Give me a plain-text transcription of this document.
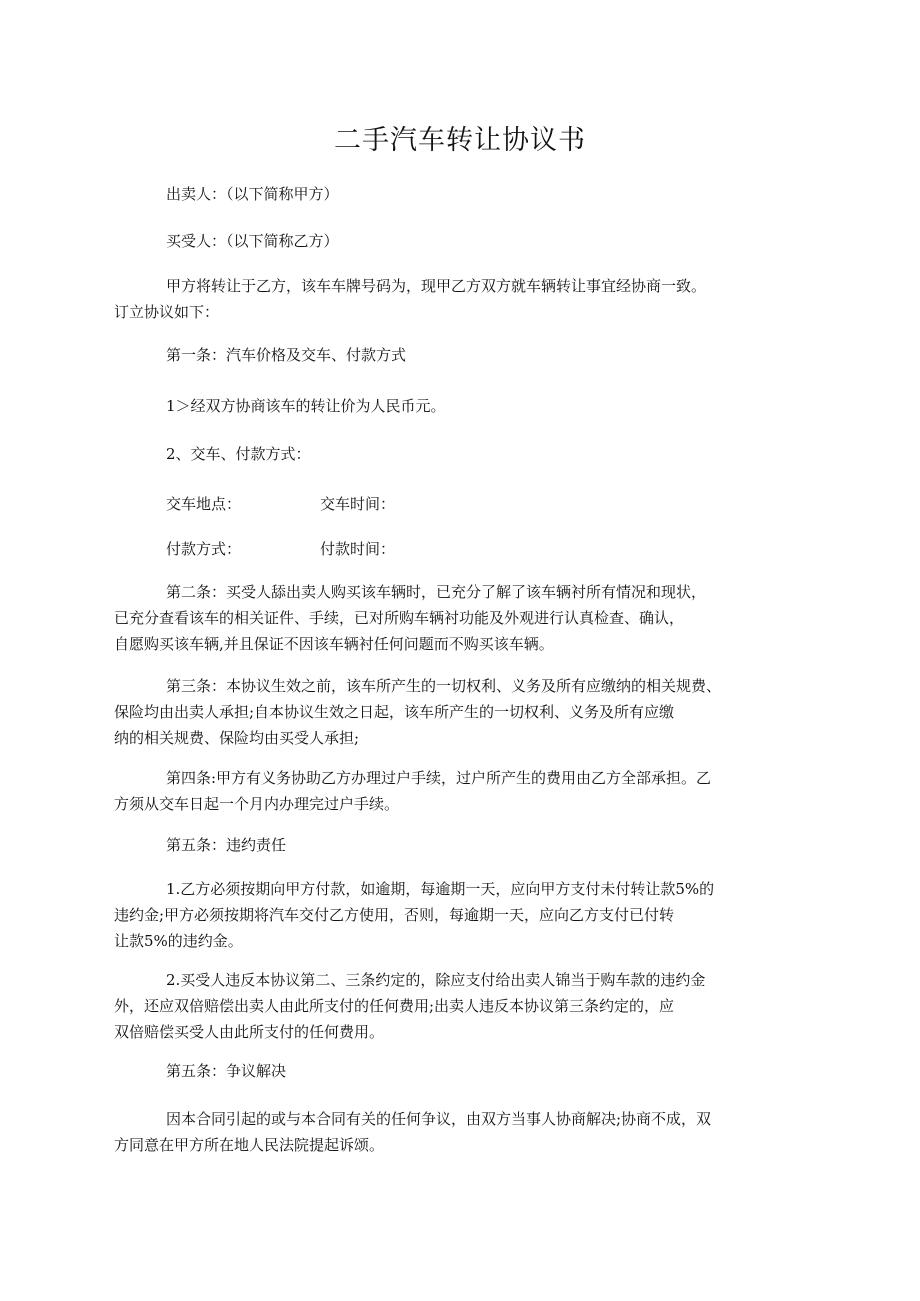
二手汽车转让协议书

出卖人：（以下简称甲方）

买受人：（以下简称乙方）

甲方将转让于乙方，该车车牌号码为，现甲乙方双方就车辆转让事宜经协商一致。
订立协议如下：

第一条：汽车价格及交车、付款方式

1＞经双方协商该车的转让价为人民币元。

2、交车、付款方式：

交车地点：	交车时间：
付款方式：	付款时间：

第二条：买受人舔出卖人购买该车辆时，已充分了解了该车辆衬所有情况和现状，
已充分查看该车的相关证件、手续，已对所购车辆衬功能及外观进行认真检查、确认，
自愿购买该车辆,并且保证不因该车辆衬任何问题而不购买该车辆。

第三条：本协议生效之前，该车所产生的一切权利、义务及所有应缴纳的相关规费、
保险均由出卖人承担;自本协议生效之日起，该车所产生的一切权利、义务及所有应缴
纳的相关规费、保险均由买受人承担;

第四条:甲方有义务协助乙方办理过户手续，过户所产生的费用由乙方全部承担。乙
方须从交车日起一个月内办理完过户手续。

第五条：违约责任

1.乙方必须按期向甲方付款，如逾期，每逾期一天，应向甲方支付未付转让款5%的
违约金;甲方必须按期将汽车交付乙方使用，否则，每逾期一天，应向乙方支付已付转
让款5%的违约金。

2.买受人违反本协议第二、三条约定的，除应支付给出卖人锦当于购车款的违约金
外，还应双倍赔偿出卖人由此所支付的任何费用;出卖人违反本协议第三条约定的，应
双倍赔偿买受人由此所支付的任何费用。

第五条：争议解决

因本合同引起的或与本合同有关的任何争议，由双方当事人协商解决;协商不成，双
方同意在甲方所在地人民法院提起诉颂。
